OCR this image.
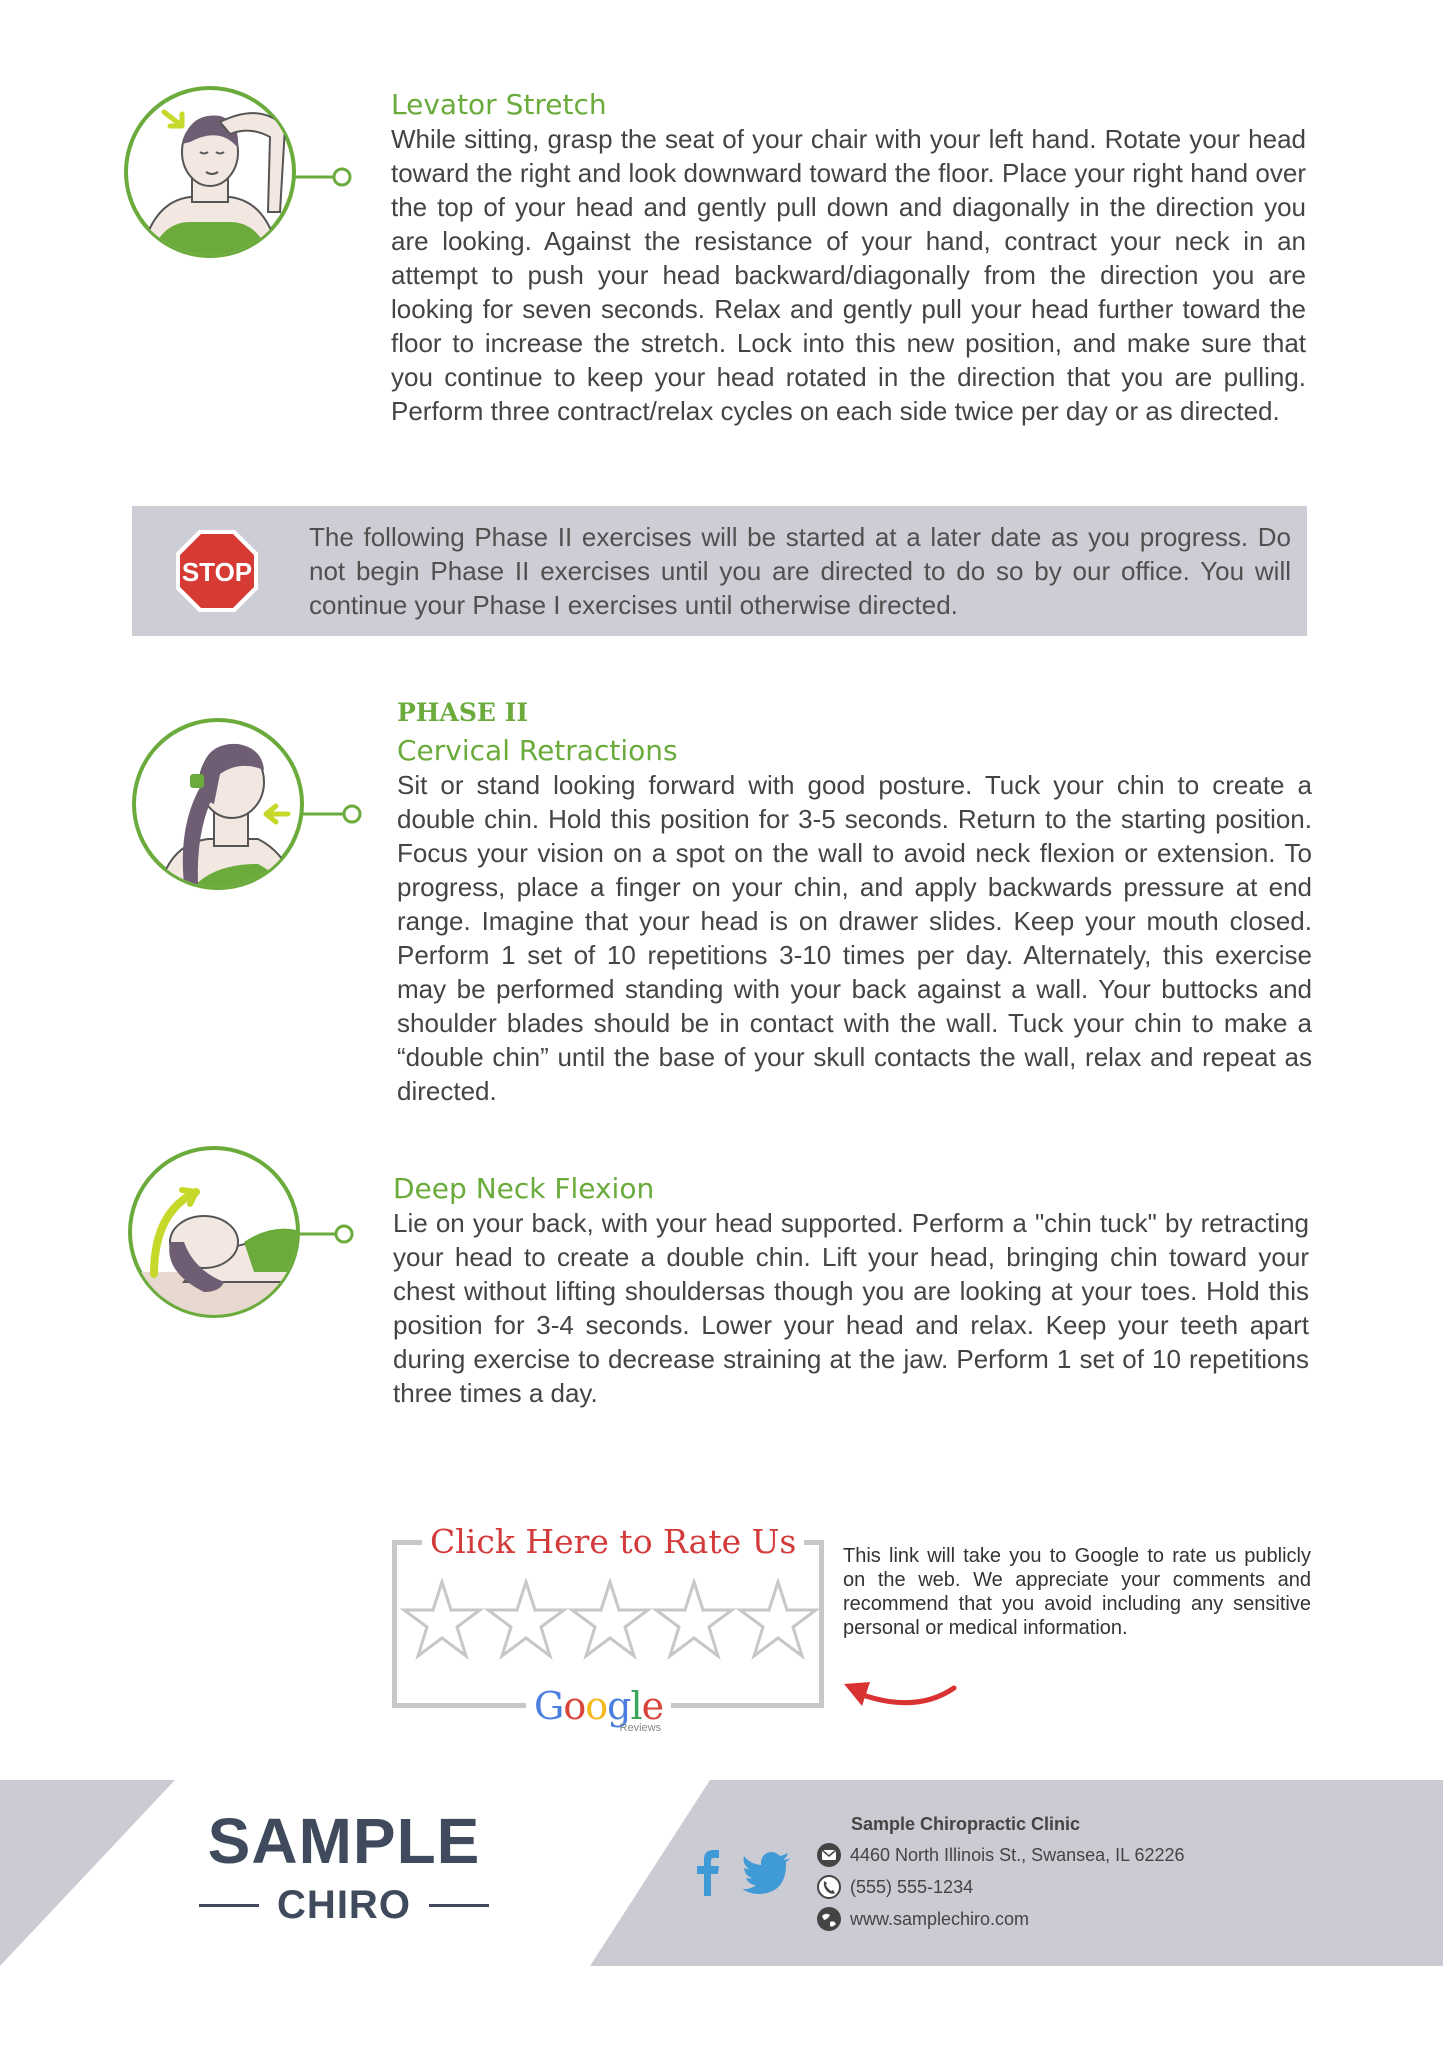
Levator Stretch

While sitting, grasp the seat of your chair with your left hand. Rotate your head toward the right and look downward toward the floor. Place your right hand over the top of your head and gently pull down and diagonally in the direction you are looking. Against the resistance of your hand, contract your neck in an attempt to push your head backward/diagonally from the direction you are looking for seven seconds. Relax and gently pull your head further toward the floor to increase the stretch. Lock into this new position, and make sure that you continue to keep your head rotated in the direction that you are pulling. Perform three contract/relax cycles on each side twice per day or as directed.

STOP

The following Phase II exercises will be started at a later date as you progress. Do not begin Phase II exercises until you are directed to do so by our office. You will continue your Phase I exercises until otherwise directed.

PHASE II
Cervical Retractions

Sit or stand looking forward with good posture. Tuck your chin to create a double chin. Hold this position for 3-5 seconds. Return to the starting position. Focus your vision on a spot on the wall to avoid neck flexion or extension. To progress, place a finger on your chin, and apply backwards pressure at end range. Imagine that your head is on drawer slides. Keep your mouth closed. Perform 1 set of 10 repetitions 3-10 times per day. Alternately, this exercise may be performed standing with your back against a wall. Your buttocks and shoulder blades should be in contact with the wall. Tuck your chin to make a “double chin” until the base of your skull contacts the wall, relax and repeat as directed.

Deep Neck Flexion

Lie on your back, with your head supported. Perform a "chin tuck" by retracting your head to create a double chin. Lift your head, bringing chin toward your chest without lifting shouldersas though you are looking at your toes. Hold this position for 3-4 seconds. Lower your head and relax. Keep your teeth apart during exercise to decrease straining at the jaw. Perform 1 set of 10 repetitions three times a day.

Click Here to Rate Us
Google
Reviews

This link will take you to Google to rate us publicly on the web. We appreciate your comments and recommend that you avoid including any sensitive personal or medical information.

SAMPLE
CHIRO
Sample Chiropractic Clinic
4460 North Illinois St., Swansea, IL 62226
(555) 555-1234
www.samplechiro.com
